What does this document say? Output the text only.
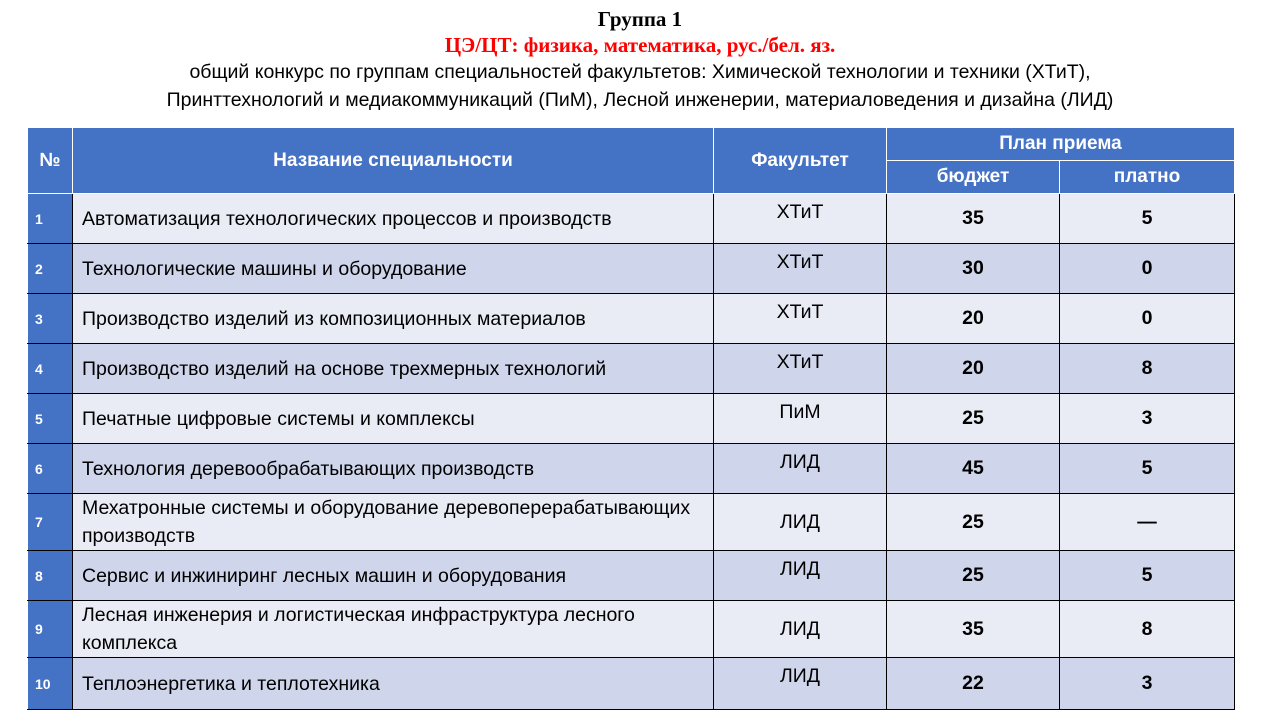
Группа 1
ЦЭ/ЦТ: физика, математика, рус./бел. яз.
общий конкурс по группам специальностей факультетов: Химической технологии и техники (ХТиТ),
Принттехнологий и медиакоммуникаций (ПиМ), Лесной инженерии, материаловедения и дизайна (ЛИД)
№	Название специальности	Факультет	План приема	
			бюджет	платно
1	Автоматизация технологических процессов и производств	ХТиТ	35	5
2	Технологические машины и оборудование	ХТиТ	30	0
3	Производство изделий из композиционных материалов	ХТиТ	20	0
4	Производство изделий на основе трехмерных технологий	ХТиТ	20	8
5	Печатные цифровые системы и комплексы	ПиМ	25	3
6	Технология деревообрабатывающих производств	ЛИД	45	5
7	Мехатронные системы и оборудование деревоперерабатывающих производств	ЛИД	25	—
8	Сервис и инжиниринг лесных машин и оборудования	ЛИД	25	5
9	Лесная инженерия и логистическая инфраструктура лесного комплекса	ЛИД	35	8
10	Теплоэнергетика и теплотехника	ЛИД	22	3
